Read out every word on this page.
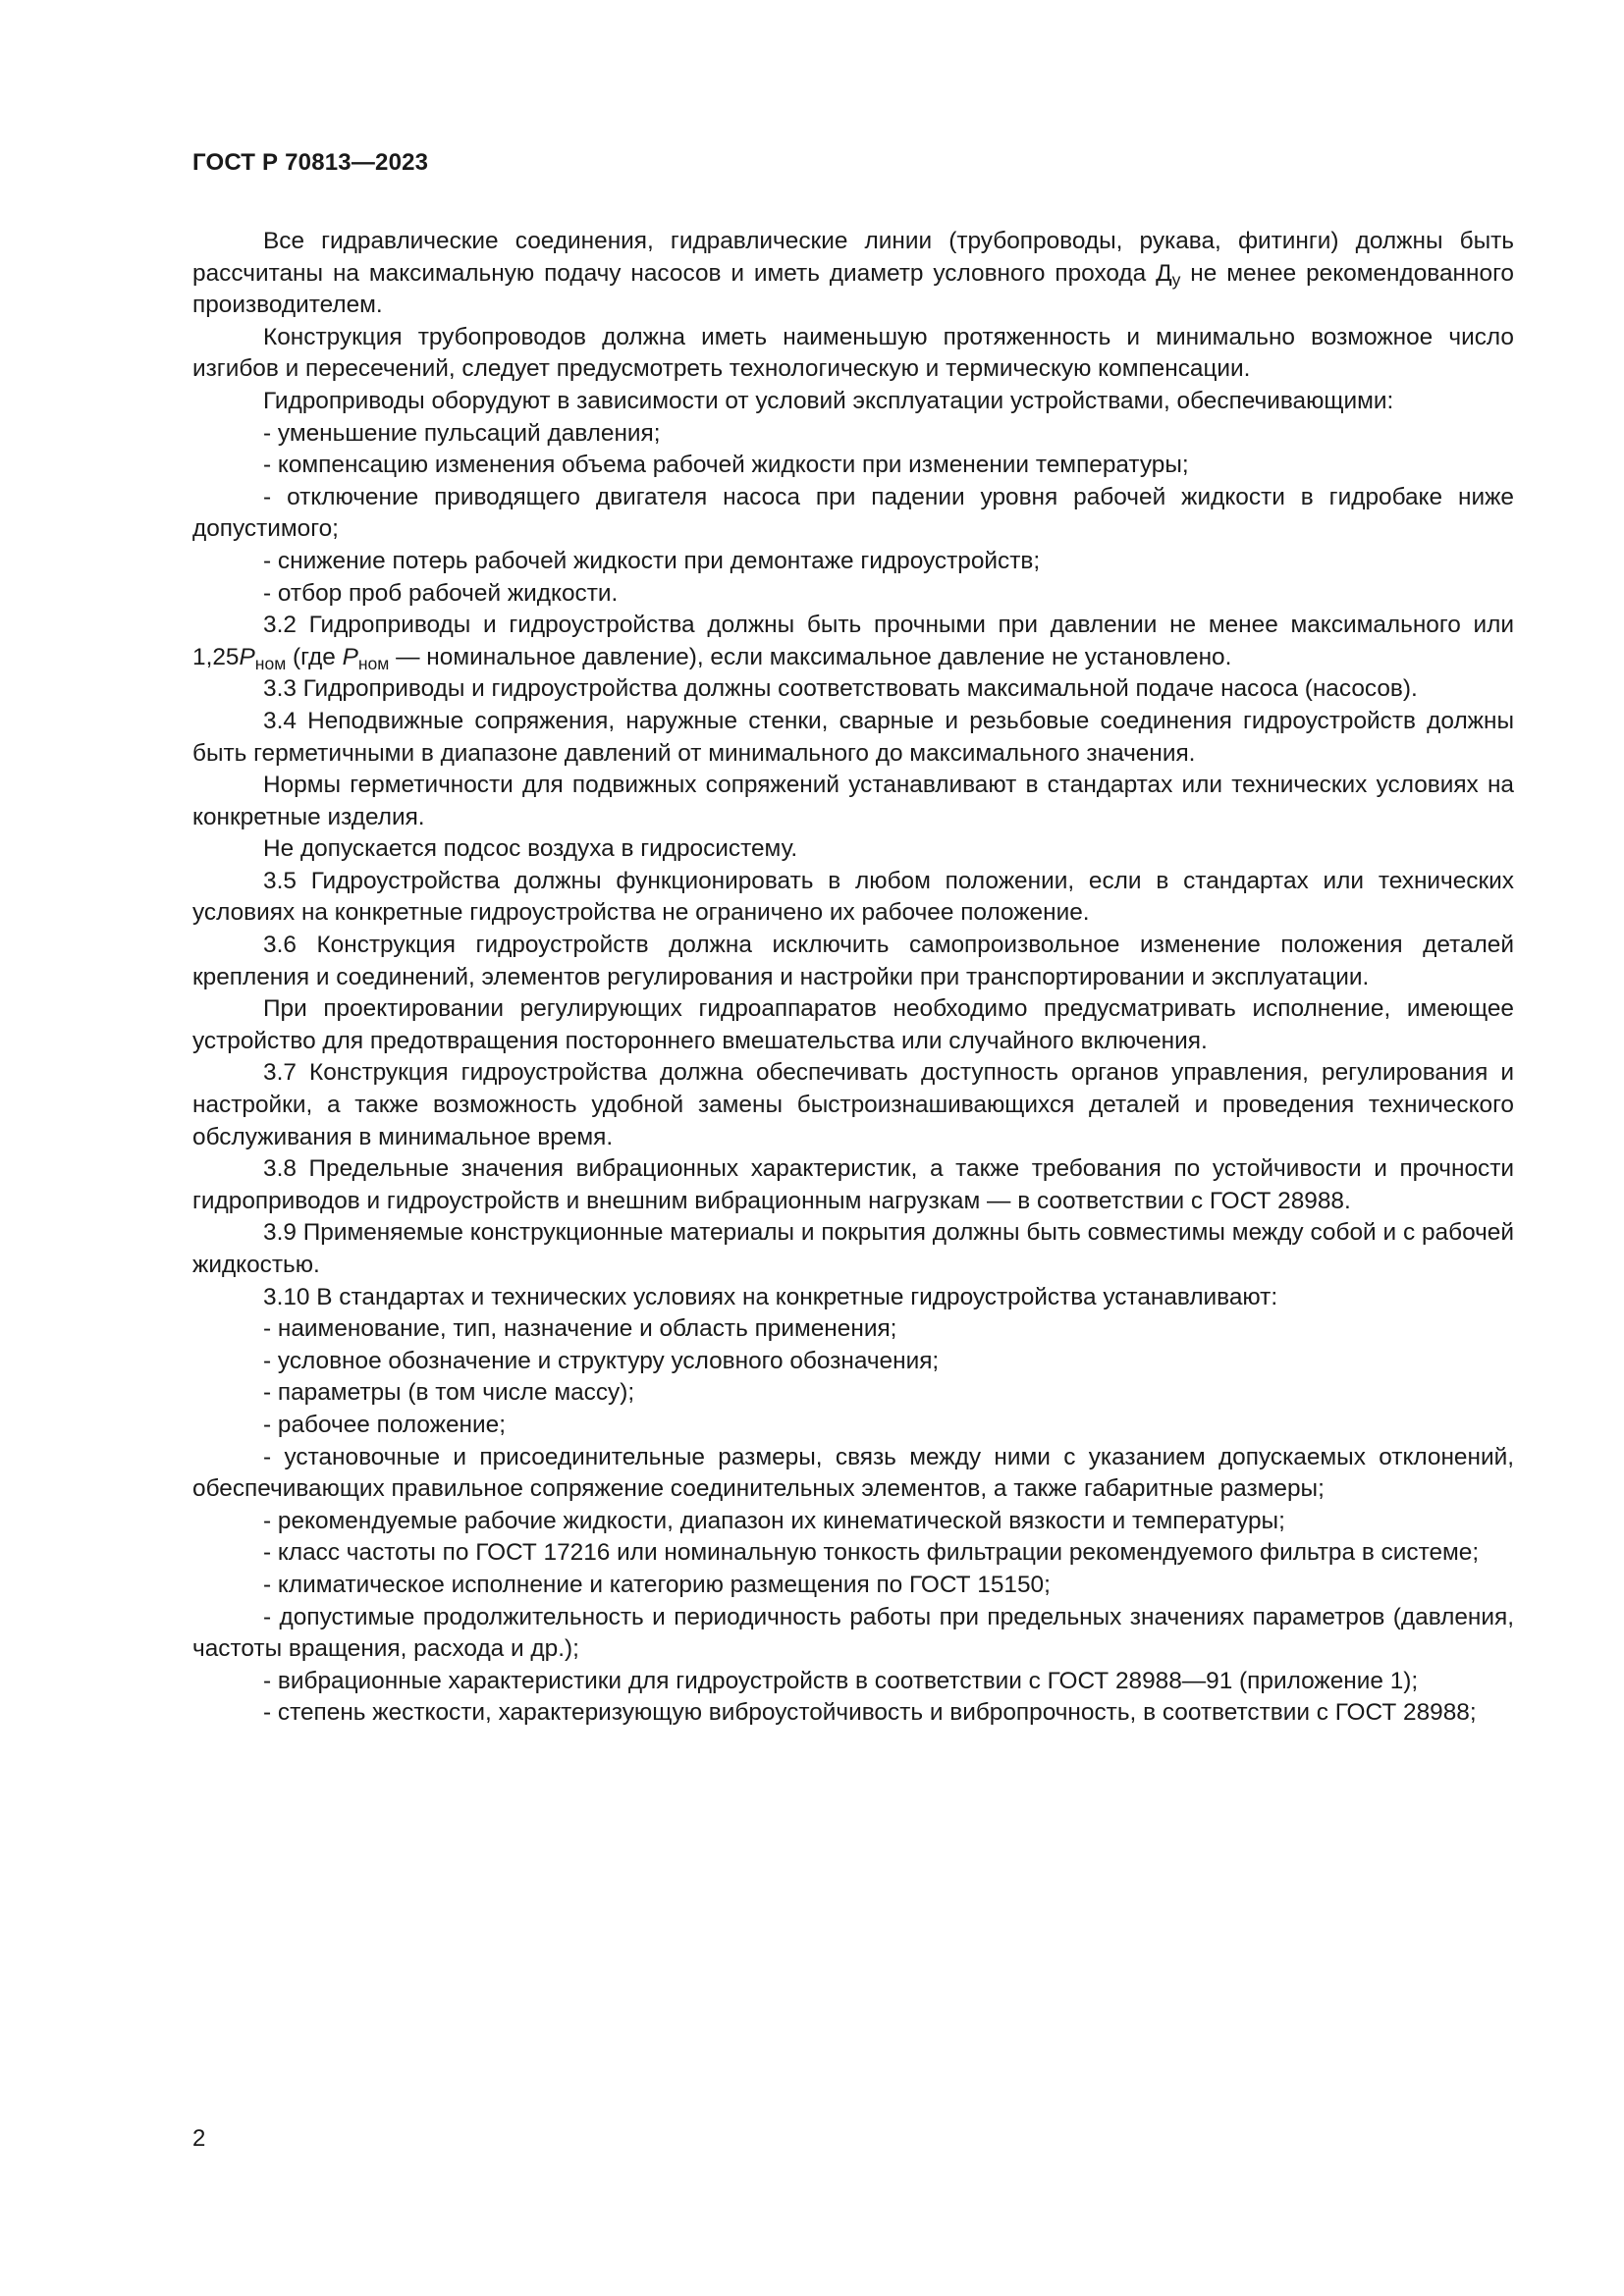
ГОСТ Р 70813—2023

Все гидравлические соединения, гидравлические линии (трубопроводы, рукава, фитинги) должны быть рассчитаны на максимальную подачу насосов и иметь диаметр условного прохода $Д_у$ не менее рекомендованного производителем.

Конструкция трубопроводов должна иметь наименьшую протяженность и минимально возможное число изгибов и пересечений, следует предусмотреть технологическую и термическую компенсации.

Гидроприводы оборудуют в зависимости от условий эксплуатации устройствами, обеспечивающими:

- уменьшение пульсаций давления;

- компенсацию изменения объема рабочей жидкости при изменении температуры;

- отключение приводящего двигателя насоса при падении уровня рабочей жидкости в гидробаке ниже допустимого;

- снижение потерь рабочей жидкости при демонтаже гидроустройств;

- отбор проб рабочей жидкости.

3.2 Гидроприводы и гидроустройства должны быть прочными при давлении не менее максимального или $1,25P_{ном}$ (где $P_{ном}$ — номинальное давление), если максимальное давление не установлено.

3.3 Гидроприводы и гидроустройства должны соответствовать максимальной подаче насоса (насосов).

3.4 Неподвижные сопряжения, наружные стенки, сварные и резьбовые соединения гидроустройств должны быть герметичными в диапазоне давлений от минимального до максимального значения.

Нормы герметичности для подвижных сопряжений устанавливают в стандартах или технических условиях на конкретные изделия.

Не допускается подсос воздуха в гидросистему.

3.5 Гидроустройства должны функционировать в любом положении, если в стандартах или технических условиях на конкретные гидроустройства не ограничено их рабочее положение.

3.6 Конструкция гидроустройств должна исключить самопроизвольное изменение положения деталей крепления и соединений, элементов регулирования и настройки при транспортировании и эксплуатации.

При проектировании регулирующих гидроаппаратов необходимо предусматривать исполнение, имеющее устройство для предотвращения постороннего вмешательства или случайного включения.

3.7 Конструкция гидроустройства должна обеспечивать доступность органов управления, регулирования и настройки, а также возможность удобной замены быстроизнашивающихся деталей и проведения технического обслуживания в минимальное время.

3.8 Предельные значения вибрационных характеристик, а также требования по устойчивости и прочности гидроприводов и гидроустройств и внешним вибрационным нагрузкам — в соответствии с ГОСТ 28988.

3.9 Применяемые конструкционные материалы и покрытия должны быть совместимы между собой и с рабочей жидкостью.

3.10 В стандартах и технических условиях на конкретные гидроустройства устанавливают:

- наименование, тип, назначение и область применения;

- условное обозначение и структуру условного обозначения;

- параметры (в том числе массу);

- рабочее положение;

- установочные и присоединительные размеры, связь между ними с указанием допускаемых отклонений, обеспечивающих правильное сопряжение соединительных элементов, а также габаритные размеры;

- рекомендуемые рабочие жидкости, диапазон их кинематической вязкости и температуры;

- класс частоты по ГОСТ 17216 или номинальную тонкость фильтрации рекомендуемого фильтра в системе;

- климатическое исполнение и категорию размещения по ГОСТ 15150;

- допустимые продолжительность и периодичность работы при предельных значениях параметров (давления, частоты вращения, расхода и др.);

- вибрационные характеристики для гидроустройств в соответствии с ГОСТ 28988—91 (приложение 1);

- степень жесткости, характеризующую виброустойчивость и вибропрочность, в соответствии с ГОСТ 28988;

2
